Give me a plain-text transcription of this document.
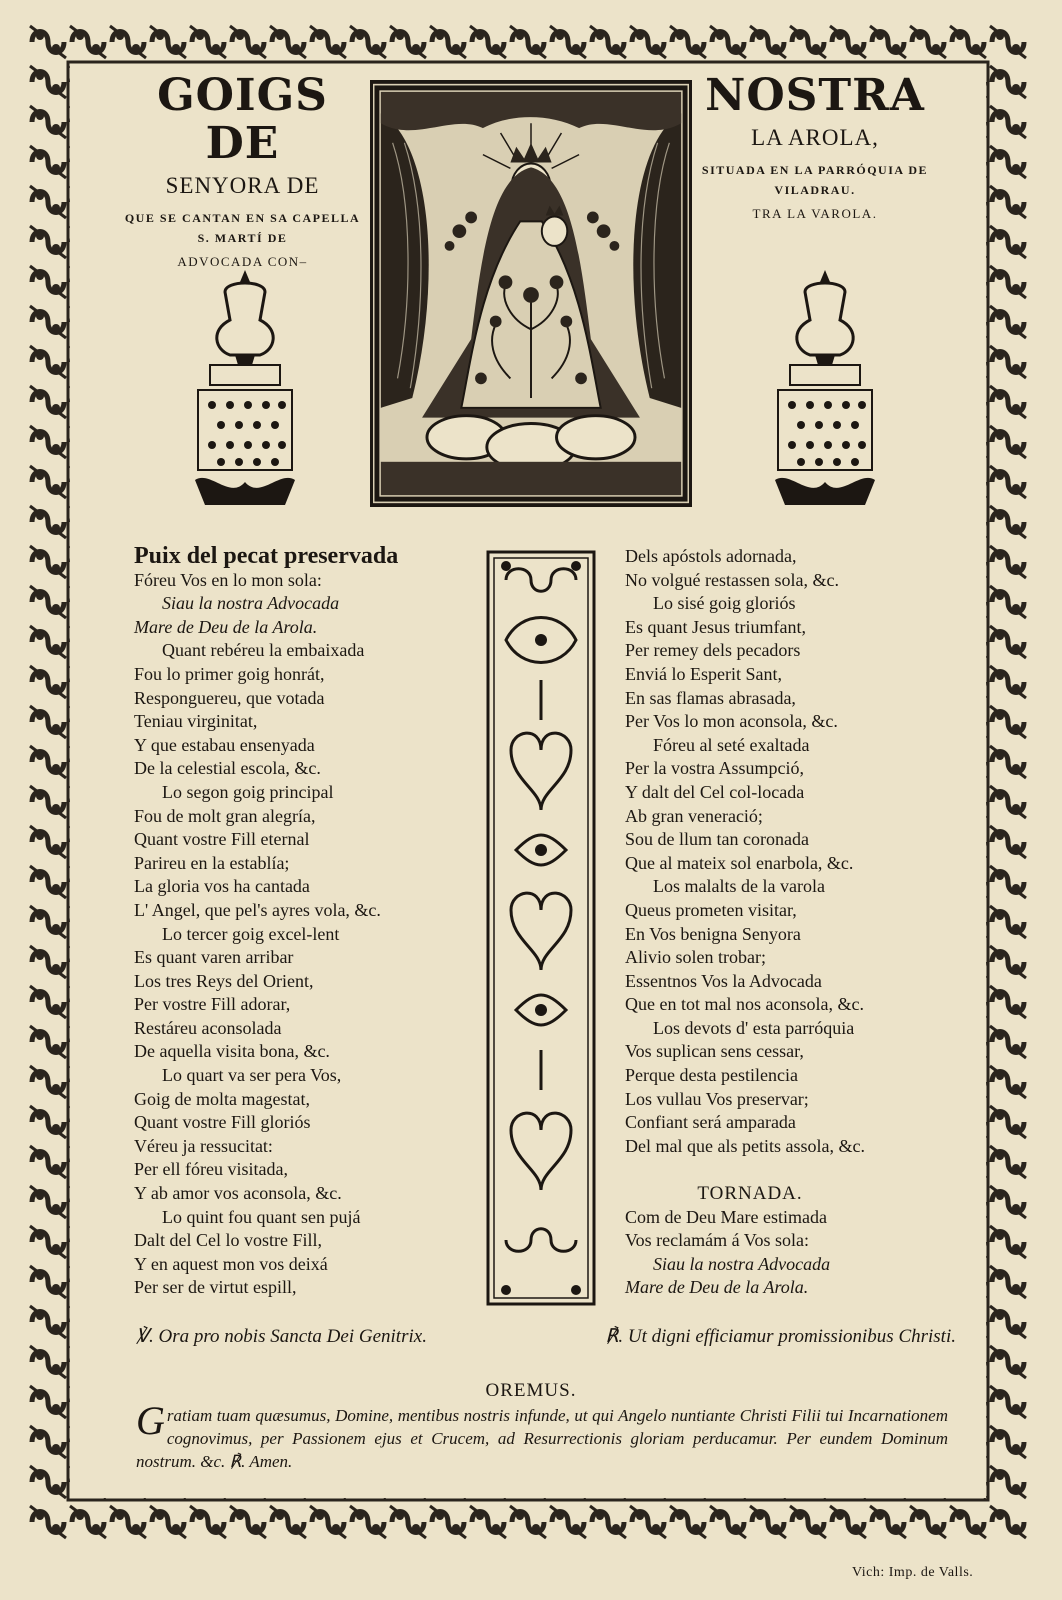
GOIGS DE
SENYORA DE
QUE SE CANTAN EN SA CAPELLA
S. MARTÍ DE
ADVOCADA CON–
NOSTRA
LA AROLA,
SITUADA EN LA PARRÓQUIA DE
VILADRAU.
TRA LA VAROLA.
Puix del pecat preservada
Fóreu Vos en lo mon sola:
Siau la nostra Advocada
Mare de Deu de la Arola.
Quant rebéreu la embaixada
Fou lo primer goig honrát,
Responguereu, que votada
Teniau virginitat,
Y que estabau ensenyada
De la celestial escola, &c.
Lo segon goig principal
Fou de molt gran alegría,
Quant vostre Fill eternal
Parireu en la establía;
La gloria vos ha cantada
L' Angel, que pel's ayres vola, &c.
Lo tercer goig excel-lent
Es quant varen arribar
Los tres Reys del Orient,
Per vostre Fill adorar,
Restáreu aconsolada
De aquella visita bona, &c.
Lo quart va ser pera Vos,
Goig de molta magestat,
Quant vostre Fill gloriós
Véreu ja ressucitat:
Per ell fóreu visitada,
Y ab amor vos aconsola, &c.
Lo quint fou quant sen pujá
Dalt del Cel lo vostre Fill,
Y en aquest mon vos deixá
Per ser de virtut espill,
Dels apóstols adornada,
No volgué restassen sola, &c.
Lo sisé goig gloriós
Es quant Jesus triumfant,
Per remey dels pecadors
Enviá lo Esperit Sant,
En sas flamas abrasada,
Per Vos lo mon aconsola, &c.
Fóreu al seté exaltada
Per la vostra Assumpció,
Y dalt del Cel col-locada
Ab gran veneració;
Sou de llum tan coronada
Que al mateix sol enarbola, &c.
Los malalts de la varola
Queus prometen visitar,
En Vos benigna Senyora
Alivio solen trobar;
Essentnos Vos la Advocada
Que en tot mal nos aconsola, &c.
Los devots d' esta parróquia
Vos suplican sens cessar,
Perque desta pestilencia
Los vullau Vos preservar;
Confiant será amparada
Del mal que als petits assola, &c.
TORNADA.
Com de Deu Mare estimada
Vos reclamám á Vos sola:
Siau la nostra Advocada
Mare de Deu de la Arola.
℣. Ora pro nobis Sancta Dei Genitrix.	℟. Ut digni efficiamur promissionibus Christi.
OREMUS.
Gratiam tuam quæsumus, Domine, mentibus nostris infunde, ut qui Angelo nuntiante Christi Filii tui Incarnationem cognovimus, per Passionem ejus et Crucem, ad Resurrectionis gloriam perducamur. Per eundem Dominum nostrum. &c. ℟. Amen.
Vich: Imp. de Valls.
